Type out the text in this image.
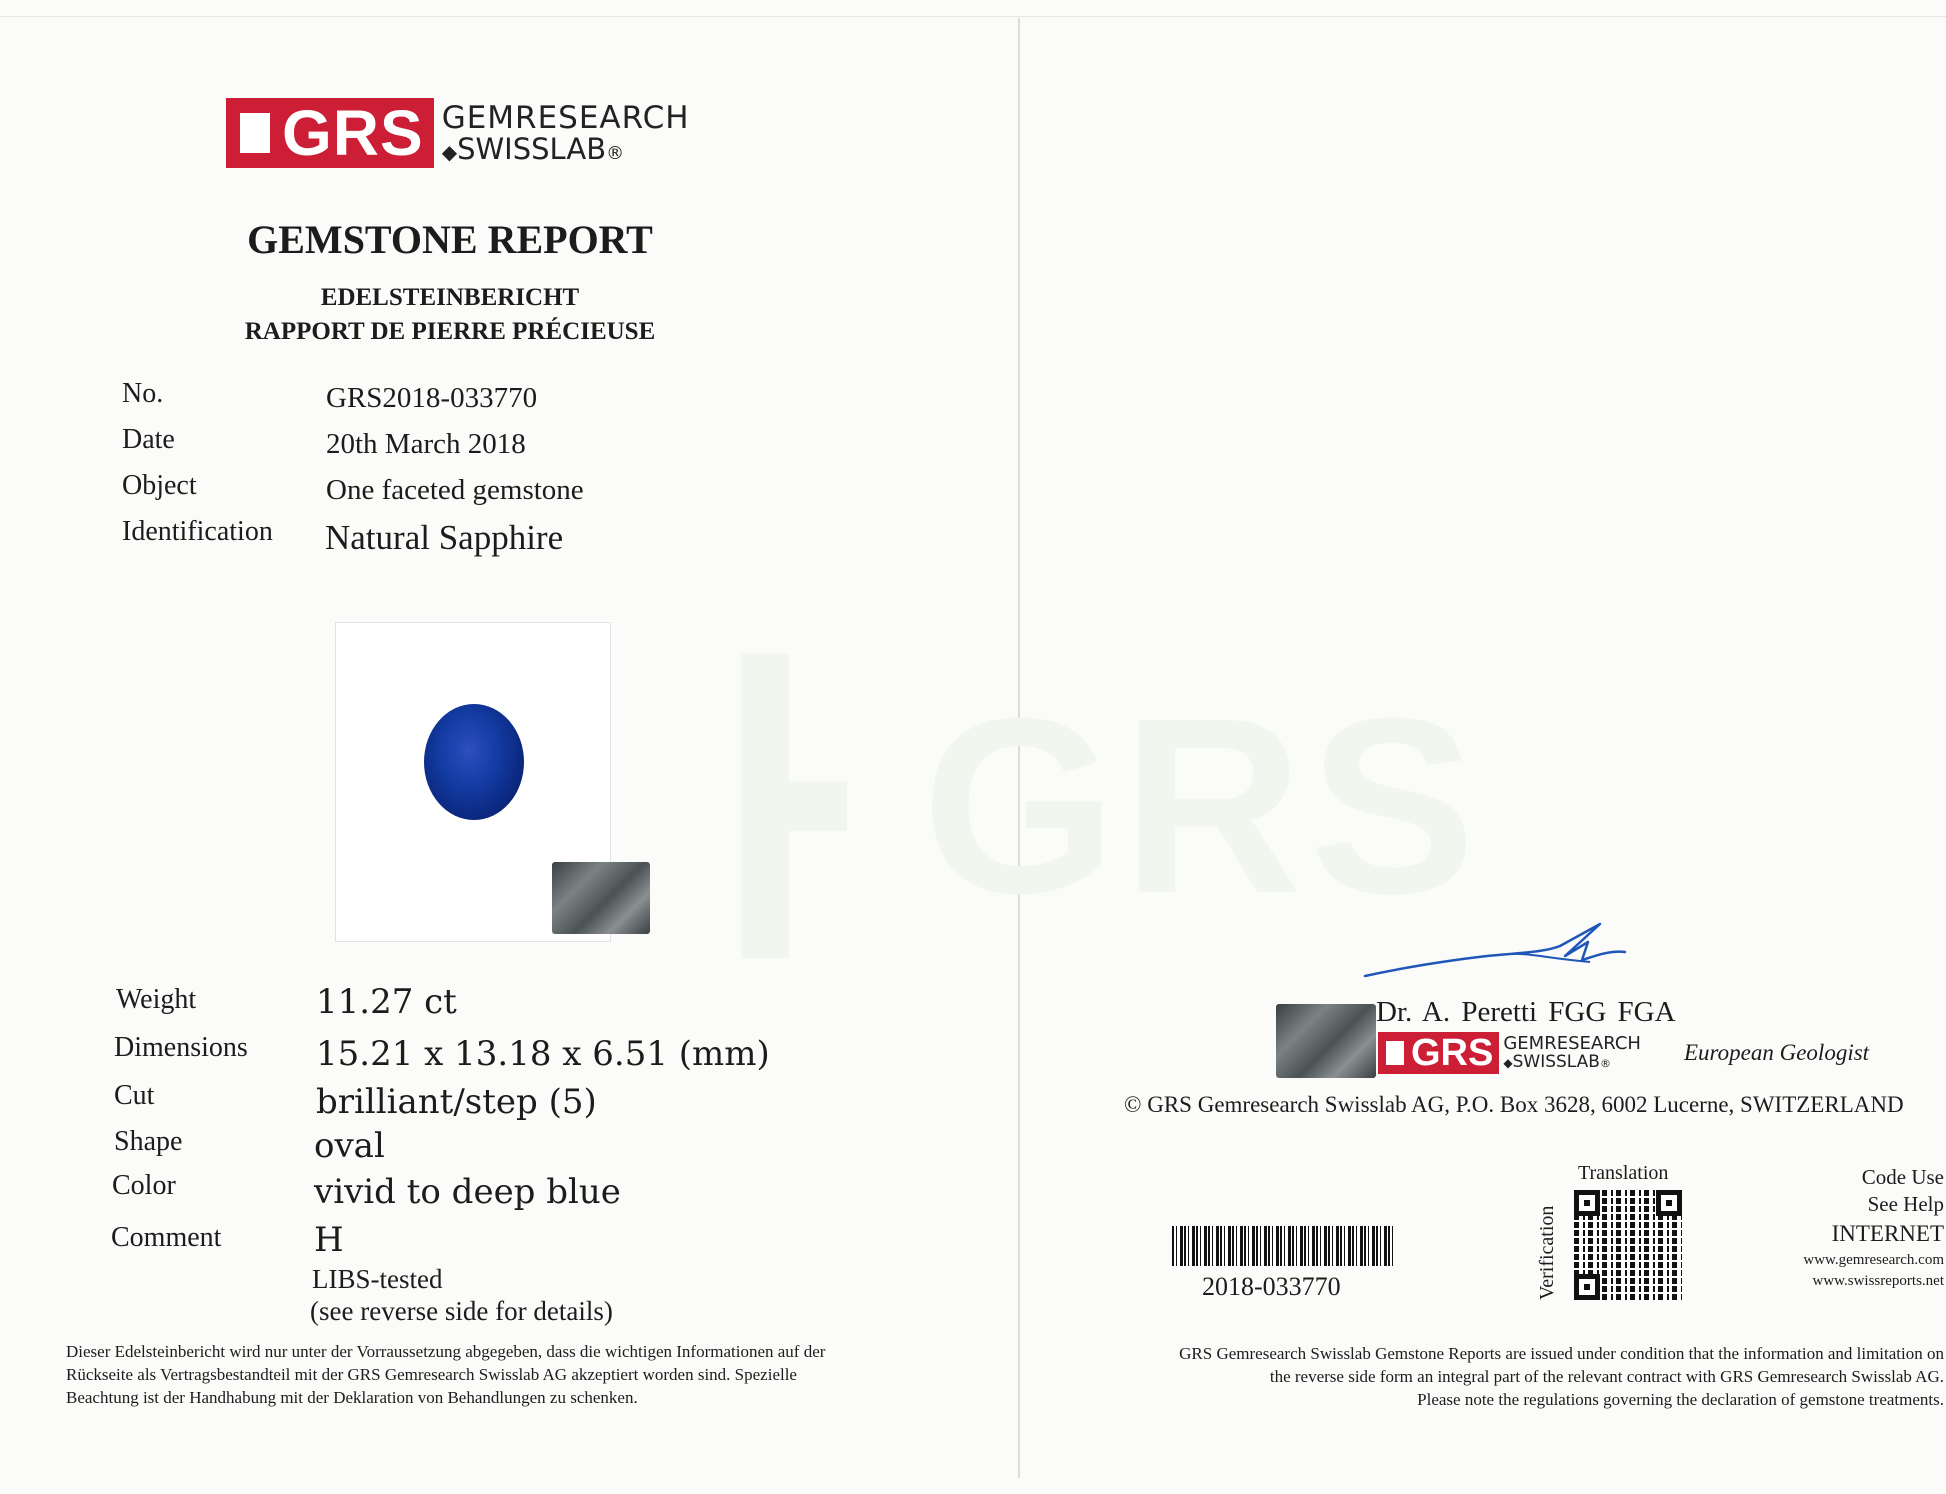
┣ GRS
GRS GEMRESEARCH
◆SWISSLAB®
GEMSTONE REPORT
EDELSTEINBERICHT
RAPPORT DE PIERRE PRÉCIEUSE
No.	GRS2018-033770
Date	20th March 2018
Object	One faceted gemstone
Identification Natural Sapphire
Weight	11.27 ct
Dimensions 15.21 x 13.18 x 6.51 (mm)
Cut	brilliant/step (5)
Shape	oval
Color	vivid to deep blue
Comment	H
LIBS-tested
(see reverse side for details)
Dieser Edelsteinbericht wird nur unter der Vorraussetzung abgegeben, dass die wichtigen Informationen auf der
Rückseite als Vertragsbestandteil mit der GRS Gemresearch Swisslab AG akzeptiert worden sind. Spezielle
Beachtung ist der Handhabung mit der Deklaration von Behandlungen zu schenken.
Dr. A. Peretti FGG FGA
GRS GEMRESEARCH
◆SWISSLAB®	European Geologist
© GRS Gemresearch Swisslab AG, P.O. Box 3628, 6002 Lucerne, SWITZERLAND
2018-033770
Translation
Verification
Code Use
See Help
INTERNET
www.gemresearch.com
www.swissreports.net
GRS Gemresearch Swisslab Gemstone Reports are issued under condition that the information and limitation on
the reverse side form an integral part of the relevant contract with GRS Gemresearch Swisslab AG.
Please note the regulations governing the declaration of gemstone treatments.
